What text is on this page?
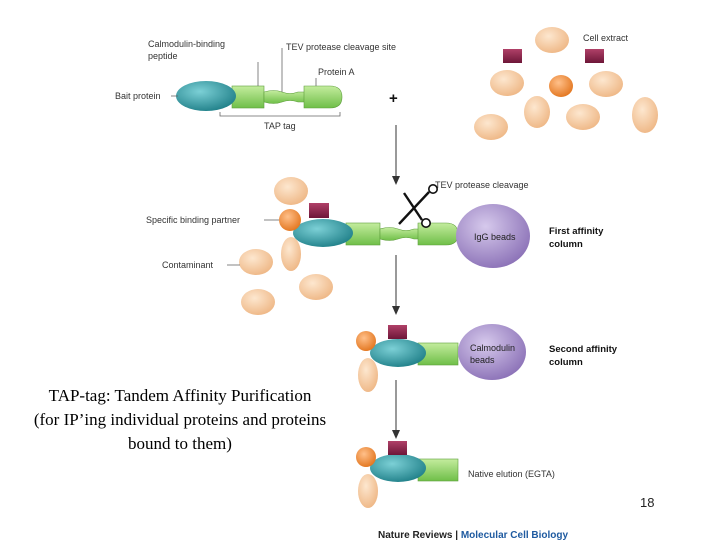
Calmodulin-binding
peptide
TEV protease cleavage site
Protein A
Bait protein
TAP tag
+
Cell extract
TEV protease cleavage
Specific binding partner
Contaminant
IgG beads	First affinity
column
Calmodulin
beads
Second affinity
column
Native elution (EGTA)
TAP-tag: Tandem Affinity Purification
(for IP’ing individual proteins and proteins
bound to them)
18
Nature Reviews | Molecular Cell Biology
